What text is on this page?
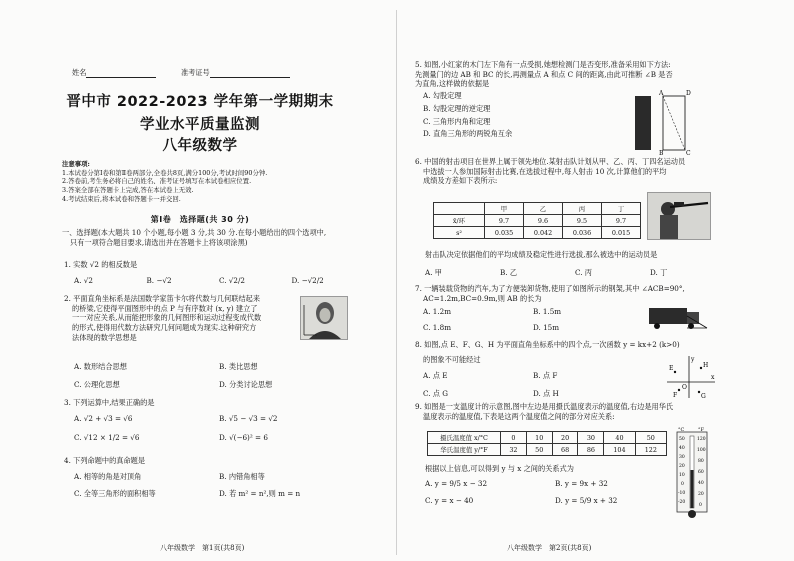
姓名	准考证号
晋中市 2022-2023 学年第一学期期末
学业水平质量监测
八年级数学
注意事项:
1.本试卷分第Ⅰ卷和第Ⅱ卷两部分,全卷共8页,满分100分,考试时间90分钟.
2.答卷前,考生务必将自己的姓名、准考证号填写在本试卷相应位置.
3.答案全部在答题卡上完成,答在本试卷上无效.
4.考试结束后,将本试卷和答题卡一并交回.
第Ⅰ卷　选择题(共 30 分)
一、选择题(本大题共 10 个小题,每小题 3 分,共 30 分.在每小题给出的四个选项中,
只有一项符合题目要求,请选出并在答题卡上将该项涂黑)
1. 实数 √2 的相反数是
A. √2	B. −√2	C. √2/2	D. −√2/2
2. 平面直角坐标系是法国数学家笛卡尔将代数与几何联结起来
的桥梁,它使得平面图形中的点 P 与有序数对 (x, y) 建立了
一一对应关系,从而能把形象的几何图形和运动过程变成代数
的形式,使得用代数方法研究几何问题成为现实.这种研究方
法体现的数学思想是
A. 数形结合思想	B. 类比思想
C. 公理化思想	D. 分类讨论思想
3. 下列运算中,结果正确的是
A. √2 + √3 = √6	B. √5 − √3 = √2
C. √12 × 1/2 = √6	D. √(−6)² = 6
4. 下列命题中的真命题是
A. 相等的角是对顶角	B. 内错角相等
C. 全等三角形的面积相等	D. 若 m² = n²,则 m = n
八年级数学　第1页(共8页)
5. 如图,小红家的木门左下角有一点受损,她想检测门是否变形,准备采用如下方法:
先测量门的边 AB 和 BC 的长,再测量点 A 和点 C 间的距离,由此可推断 ∠B 是否
为直角,这样做的依据是
A. 勾股定理
B. 勾股定理的逆定理
C. 三角形内角和定理
D. 直角三角形的两锐角互余
A	D
B	C
6. 中国的射击项目在世界上属于领先地位.某射击队计划从甲、乙、丙、丁四名运动员
中选拔一人参加国际射击比赛,在选拔过程中,每人射击 10 次,计算他们的平均
成绩及方差如下表所示:
	甲	乙	丙	丁
x̄/环	9.7	9.6	9.5	9.7
s²	0.035	0.042	0.036	0.015
射击队决定依据他们的平均成绩及稳定性进行选拔,那么被选中的运动员是
A. 甲	B. 乙	C. 丙	D. 丁
7. 一辆装载货物的汽车,为了方便装卸货物,使用了如图所示的钢架,其中 ∠ACB=90°,
AC=1.2m,BC=0.9m,则 AB 的长为
A. 1.2m	B. 1.5m
C. 1.8m	D. 15m
8. 如图,点 E、F、G、H 为平面直角坐标系中的四个点,一次函数 y = kx+2 (k>0)
的图象不可能经过
A. 点 E	B. 点 F
C. 点 G	D. 点 H
x
y
O
E
F	G
H
9. 如图是一支温度计的示意图,图中左边是用摄氏温度表示的温度值,右边是用华氏
温度表示的温度值,下表是这两个温度值之间的部分对应关系:
摄氏温度值 x/°C	0	10	20	30	40	50
华氏温度值 y/°F	32	50	68	86	104	122
根据以上信息,可以得到 y 与 x 之间的关系式为
A. y = 9/5 x − 32	B. y = 9x + 32
C. y = x − 40	D. y = 5/9 x + 32
°C	°F
50
40
30
20
10
0
-10
-20
120
100
80
60
40
20
0
八年级数学　第2页(共8页)
